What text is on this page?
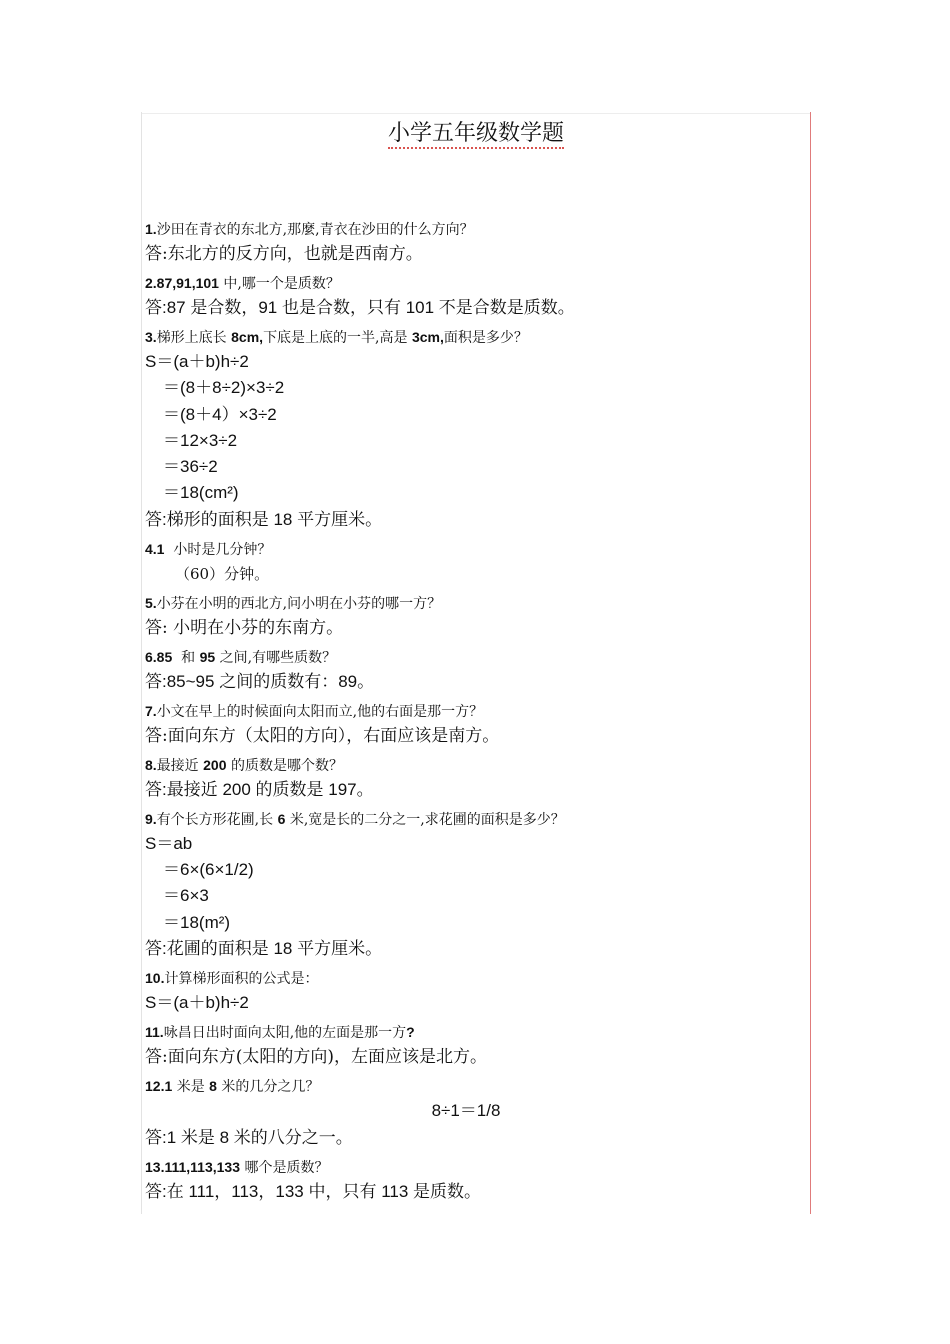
小学五年级数学题

1.沙田在青衣的东北方,那麼,青衣在沙田的什么方向？

答:东北方的反方向，也就是西南方。

2.87,91,101 中,哪一个是质数？

答:87 是合数，91 也是合数，只有 101 不是合数是质数。

3.梯形上底长 8cm,下底是上底的一半,高是 3cm,面积是多少？

S＝(a＋b)h÷2

＝(8＋8÷2)×3÷2

＝(8＋4）×3÷2

＝12×3÷2

＝36÷2

＝18(cm²)

答:梯形的面积是 18 平方厘米。

4.1 小时是几分钟？

（60）分钟。

5.小芬在小明的西北方,问小明在小芬的哪一方？

答: 小明在小芬的东南方。

6.85 和 95 之间,有哪些质数？

答:85~95 之间的质数有：89。

7.小文在早上的时候面向太阳而立,他的右面是那一方？

答:面向东方（太阳的方向），右面应该是南方。

8.最接近 200 的质数是哪个数？

答:最接近 200 的质数是 197。

9.有个长方形花圃,长 6 米,宽是长的二分之一,求花圃的面积是多少？

S＝ab

＝6×(6×1/2)

＝6×3

＝18(m²)

答:花圃的面积是 18 平方厘米。

10.计算梯形面积的公式是：

S＝(a＋b)h÷2

11.咏昌日出时面向太阳,他的左面是那一方?

答:面向东方(太阳的方向)，左面应该是北方。

12.1 米是 8 米的几分之几？

8÷1＝1/8

答:1 米是 8 米的八分之一。

13.111,113,133 哪个是质数？

答:在 111，113，133 中，只有 113 是质数。
